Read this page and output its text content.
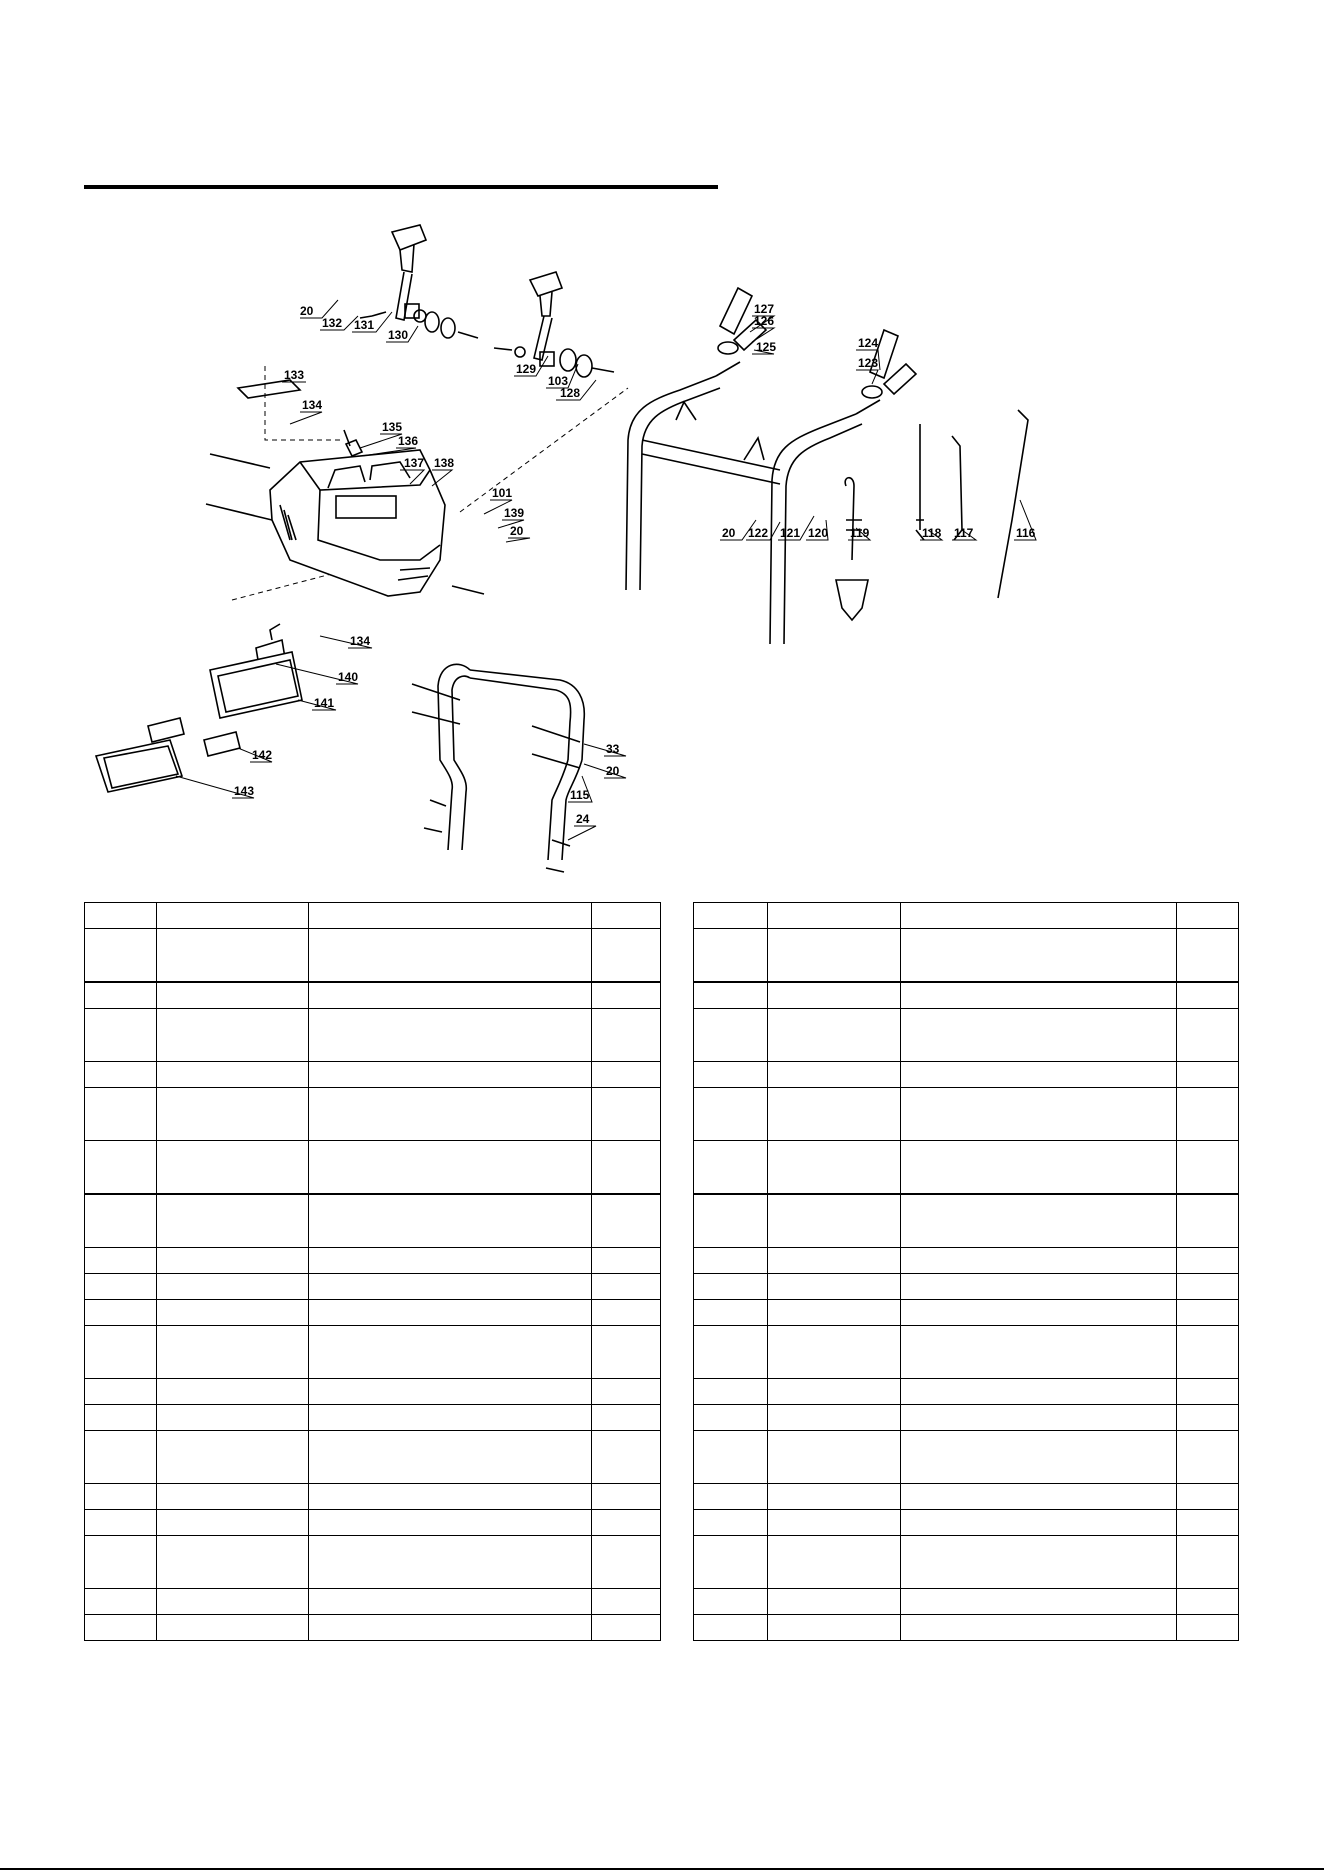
20
132 131
130
129
103
128
133
134
135
136
137 138
101
139
20
127
126
125	124
123
20 122 121 120 119	118 117	116
134
140
141
142
143
33
20
115
24
